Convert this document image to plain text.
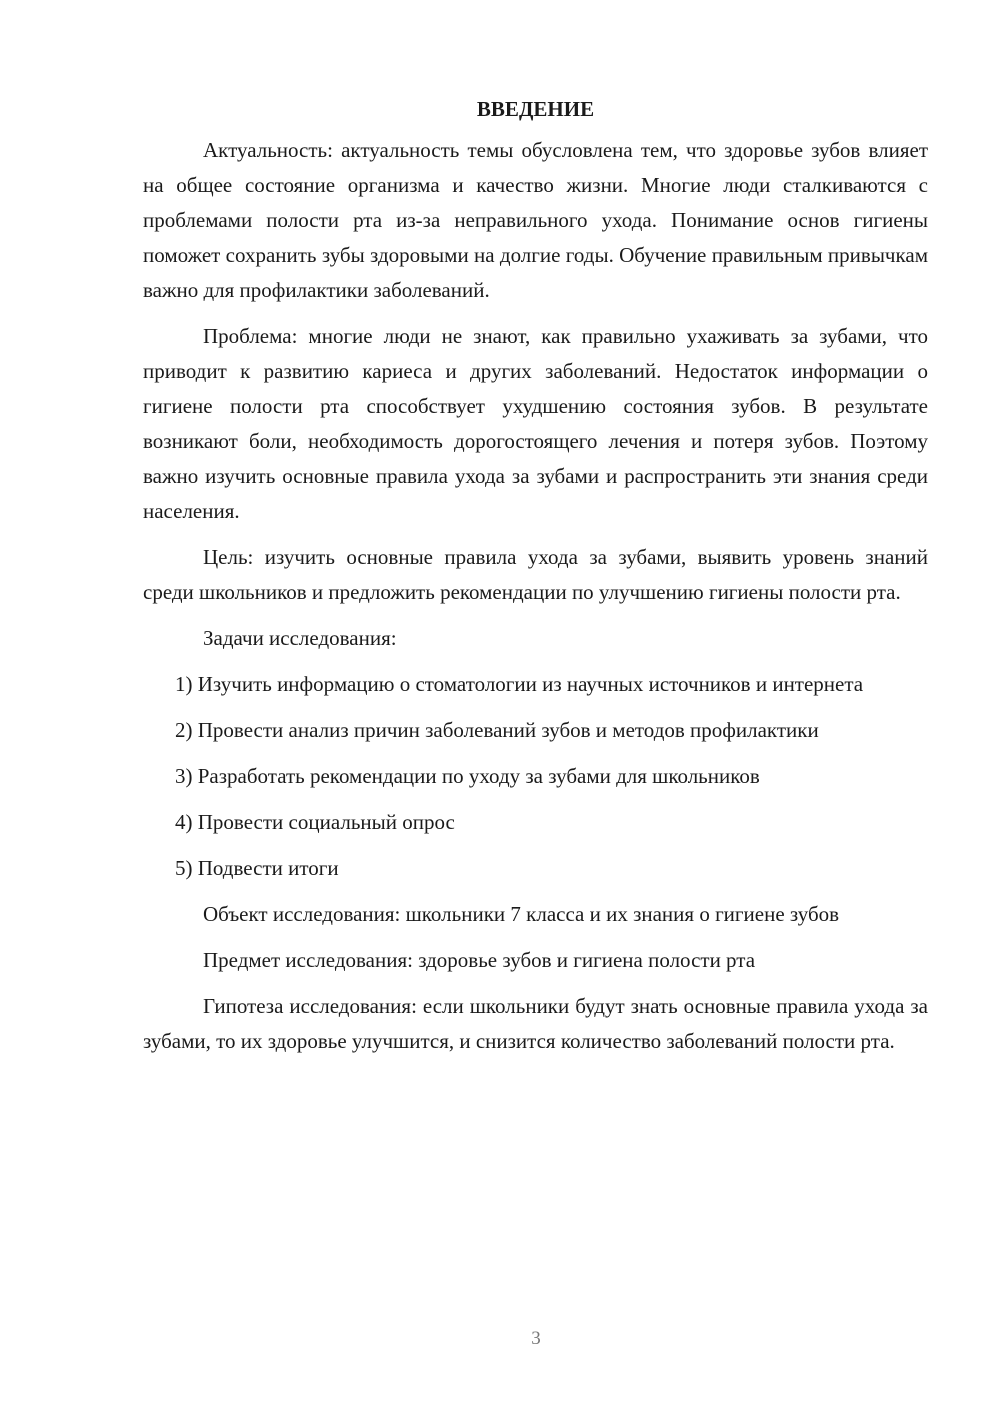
ВВЕДЕНИЕ

Актуальность: актуальность темы обусловлена тем, что здоровье зубов влияет на общее состояние организма и качество жизни. Многие люди сталкиваются с проблемами полости рта из-за неправильного ухода. Понимание основ гигиены поможет сохранить зубы здоровыми на долгие годы. Обучение правильным привычкам важно для профилактики заболеваний.

Проблема: многие люди не знают, как правильно ухаживать за зубами, что приводит к развитию кариеса и других заболеваний. Недостаток информации о гигиене полости рта способствует ухудшению состояния зубов. В результате возникают боли, необходимость дорогостоящего лечения и потеря зубов. Поэтому важно изучить основные правила ухода за зубами и распространить эти знания среди населения.

Цель: изучить основные правила ухода за зубами, выявить уровень знаний среди школьников и предложить рекомендации по улучшению гигиены полости рта.

Задачи исследования:

1) Изучить информацию о стоматологии из научных источников и интернета

2) Провести анализ причин заболеваний зубов и методов профилактики

3) Разработать рекомендации по уходу за зубами для школьников

4) Провести социальный опрос

5) Подвести итоги

Объект исследования: школьники 7 класса и их знания о гигиене зубов

Предмет исследования: здоровье зубов и гигиена полости рта

Гипотеза исследования: если школьники будут знать основные правила ухода за зубами, то их здоровье улучшится, и снизится количество заболеваний полости рта.

3
